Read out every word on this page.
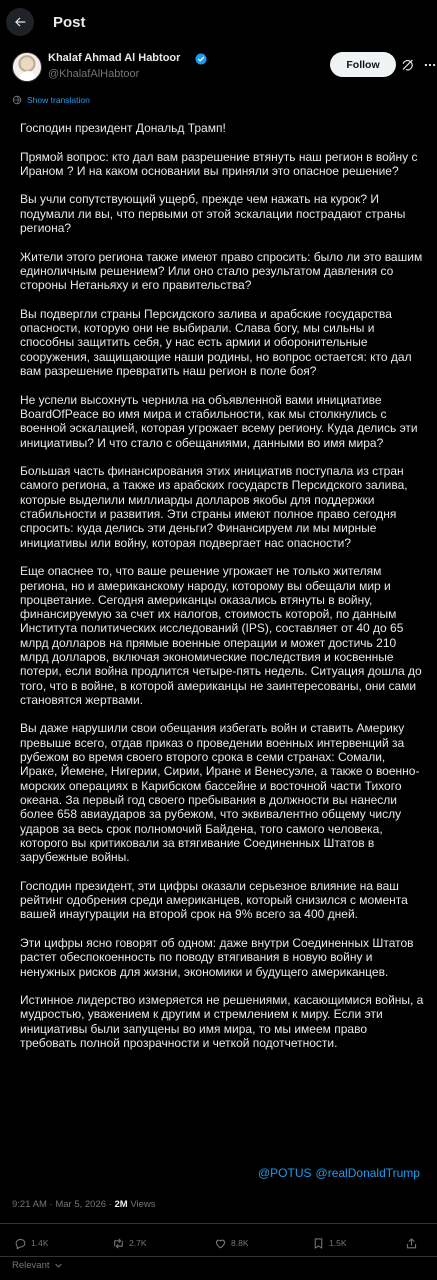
Post
Khalaf Ahmad Al Habtoor
@KhalafAlHabtoor
Follow
Show translation

Господин президент Дональд Трамп!

Прямой вопрос: кто дал вам разрешение втянуть наш регион в войну с Ираном ? И на каком основании вы приняли это опасное решение?

Вы учли сопутствующий ущерб, прежде чем нажать на курок? И подумали ли вы, что первыми от этой эскалации пострадают страны региона?

Жители этого региона также имеют право спросить: было ли это вашим единоличным решением? Или оно стало результатом давления со стороны Нетаньяху и его правительства?

Вы подвергли страны Персидского залива и арабские государства опасности, которую они не выбирали. Слава богу, мы сильны и способны защитить себя, у нас есть армии и оборонительные сооружения, защищающие наши родины, но вопрос остается: кто дал вам разрешение превратить наш регион в поле боя?

Не успели высохнуть чернила на объявленной вами инициативе BoardOfPeace во имя мира и стабильности, как мы столкнулись с военной эскалацией, которая угрожает всему региону. Куда делись эти инициативы? И что стало с обещаниями, данными во имя мира?

Большая часть финансирования этих инициатив поступала из стран самого региона, а также из арабских государств Персидского залива, которые выделили миллиарды долларов якобы для поддержки стабильности и развития. Эти страны имеют полное право сегодня спросить: куда делись эти деньги? Финансируем ли мы мирные инициативы или войну, которая подвергает нас опасности?

Еще опаснее то, что ваше решение угрожает не только жителям региона, но и американскому народу, которому вы обещали мир и процветание. Сегодня американцы оказались втянуты в войну, финансируемую за счет их налогов, стоимость которой, по данным Института политических исследований (IPS), составляет от 40 до 65 млрд долларов на прямые военные операции и может достичь 210 млрд долларов, включая экономические последствия и косвенные потери, если война продлится четыре-пять недель. Ситуация дошла до того, что в войне, в которой американцы не заинтересованы, они сами становятся жертвами.

Вы даже нарушили свои обещания избегать войн и ставить Америку превыше всего, отдав приказ о проведении военных интервенций за рубежом во время своего второго срока в семи странах: Сомали, Ираке, Йемене, Нигерии, Сирии, Иране и Венесуэле, а также о военно-морских операциях в Карибском бассейне и восточной части Тихого океана. За первый год своего пребывания в должности вы нанесли более 658 авиаударов за рубежом, что эквивалентно общему числу ударов за весь срок полномочий Байдена, того самого человека, которого вы критиковали за втягивание Соединенных Штатов в зарубежные войны.

Господин президент, эти цифры оказали серьезное влияние на ваш рейтинг одобрения среди американцев, который снизился с момента вашей инаугурации на второй срок на 9% всего за 400 дней.

Эти цифры ясно говорят об одном: даже внутри Соединенных Штатов растет обеспокоенность по поводу втягивания в новую войну и ненужных рисков для жизни, экономики и будущего американцев.

Истинное лидерство измеряется не решениями, касающимися войны, а мудростью, уважением к другим и стремлением к миру. Если эти инициативы были запущены во имя мира, то мы имеем право требовать полной прозрачности и четкой подотчетности.

@POTUS @realDonaldTrump
9:21 AM · Mar 5, 2026 · 2M Views
1.4K	2.7K	8.8K	1.5K
Relevant
